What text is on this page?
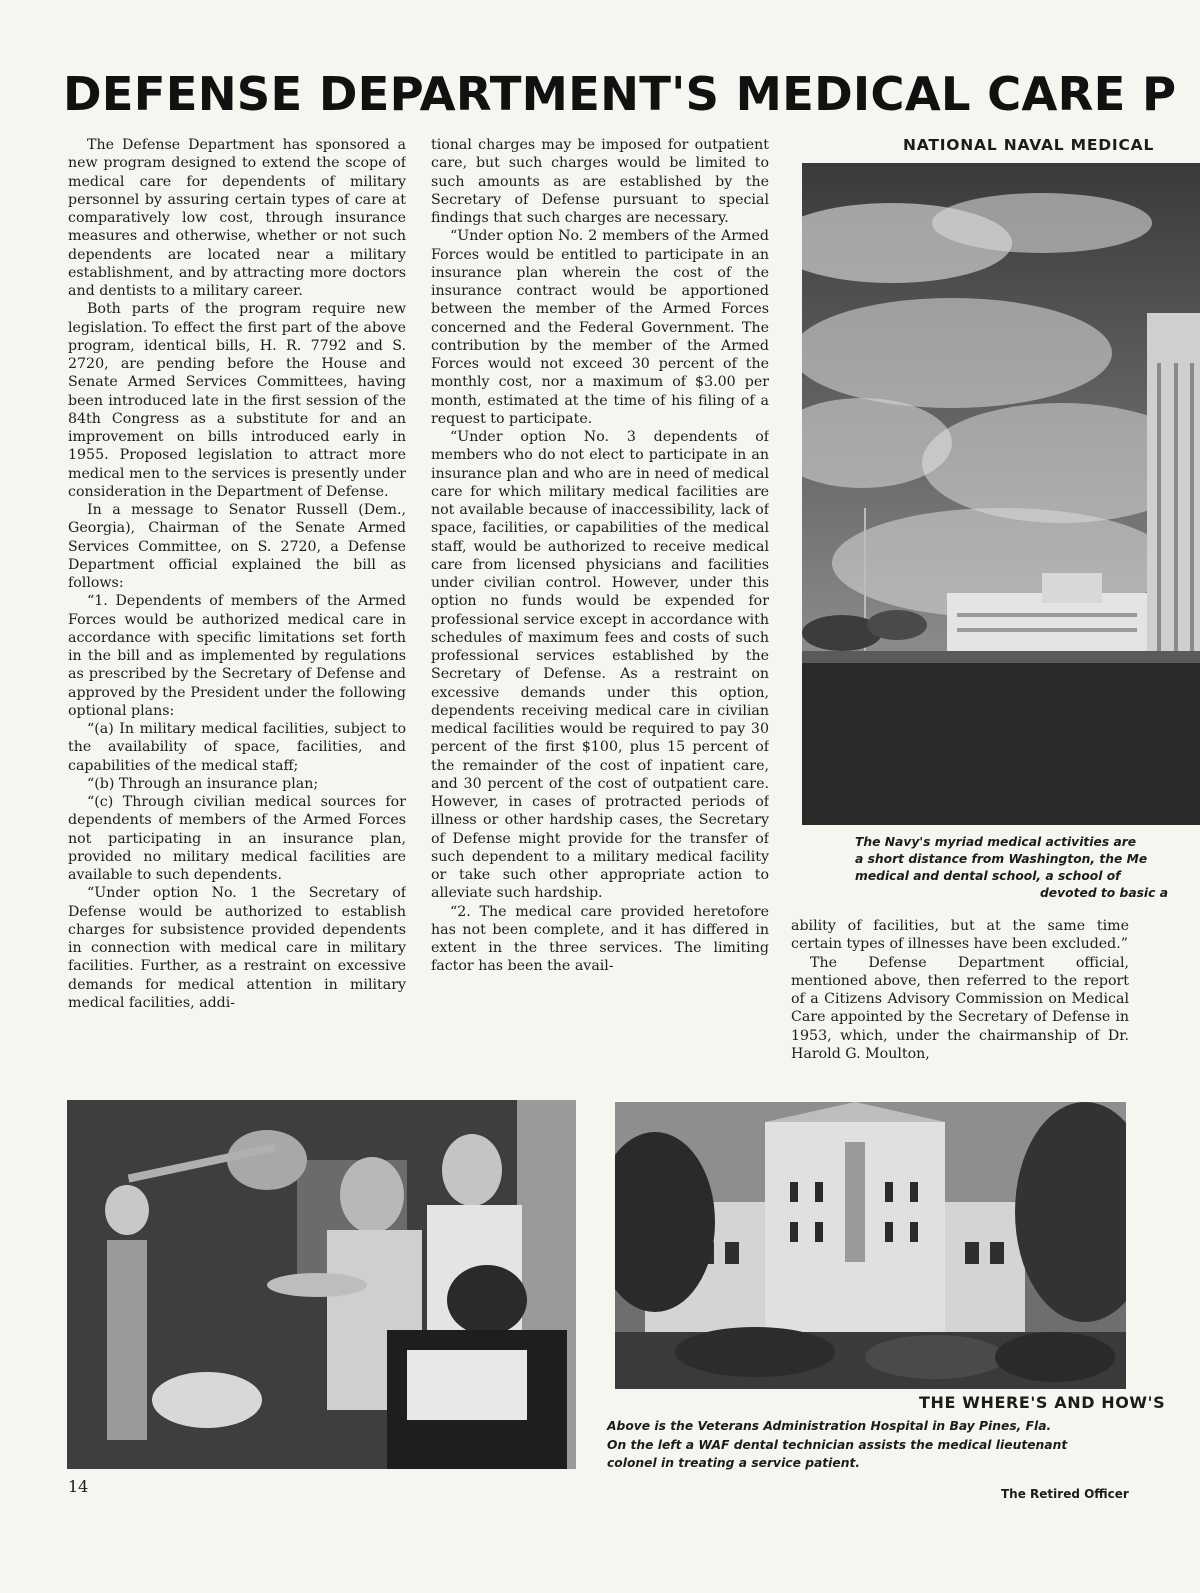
DEFENSE DEPARTMENT'S MEDICAL CARE P

The Defense Department has sponsored a new program designed to extend the scope of medical care for dependents of military personnel by assuring certain types of care at comparatively low cost, through insurance measures and otherwise, whether or not such dependents are located near a military establishment, and by attracting more doctors and dentists to a military career.

Both parts of the program require new legislation. To effect the first part of the above program, identical bills, H. R. 7792 and S. 2720, are pending before the House and Senate Armed Services Committees, having been introduced late in the first session of the 84th Congress as a substitute for and an improvement on bills introduced early in 1955. Proposed legislation to attract more medical men to the services is presently under consideration in the Department of Defense.

In a message to Senator Russell (Dem., Georgia), Chairman of the Senate Armed Services Committee, on S. 2720, a Defense Department official explained the bill as follows:

“1. Dependents of members of the Armed Forces would be authorized medical care in accordance with specific limitations set forth in the bill and as implemented by regulations as prescribed by the Secretary of Defense and approved by the President under the following optional plans:

“(a) In military medical facilities, subject to the availability of space, facilities, and capabilities of the medical staff;

“(b) Through an insurance plan;

“(c) Through civilian medical sources for dependents of members of the Armed Forces not participating in an insurance plan, provided no military medical facilities are available to such dependents.

“Under option No. 1 the Secretary of Defense would be authorized to establish charges for subsistence provided dependents in connection with medical care in military facilities. Further, as a restraint on excessive demands for medical attention in military medical facilities, addi-

tional charges may be imposed for outpatient care, but such charges would be limited to such amounts as are established by the Secretary of Defense pursuant to special findings that such charges are necessary.

“Under option No. 2 members of the Armed Forces would be entitled to participate in an insurance plan wherein the cost of the insurance contract would be apportioned between the member of the Armed Forces concerned and the Federal Government. The contribution by the member of the Armed Forces would not exceed 30 percent of the monthly cost, nor a maximum of $3.00 per month, estimated at the time of his filing of a request to participate.

“Under option No. 3 dependents of members who do not elect to participate in an insurance plan and who are in need of medical care for which military medical facilities are not available because of inaccessibility, lack of space, facilities, or capabilities of the medical staff, would be authorized to receive medical care from licensed physicians and facilities under civilian control. However, under this option no funds would be expended for professional service except in accordance with schedules of maximum fees and costs of such professional services established by the Secretary of Defense. As a restraint on excessive demands under this option, dependents receiving medical care in civilian medical facilities would be required to pay 30 percent of the first $100, plus 15 percent of the remainder of the cost of inpatient care, and 30 percent of the cost of outpatient care. However, in cases of protracted periods of illness or other hardship cases, the Secretary of Defense might provide for the transfer of such dependent to a military medical facility or take such other appropriate action to alleviate such hardship.

“2. The medical care provided heretofore has not been complete, and it has differed in extent in the three services. The limiting factor has been the avail-

ability of facilities, but at the same time certain types of illnesses have been excluded.”

The Defense Department official, mentioned above, then referred to the report of a Citizens Advisory Commission on Medical Care appointed by the Secretary of Defense in 1953, which, under the chairmanship of Dr. Harold G. Moulton,

NATIONAL NAVAL MEDICAL
The Navy's myriad medical activities are
a short distance from Washington, the Me
medical and dental school, a school of
devoted to basic a
THE WHERE'S AND HOW'S
Above is the Veterans Administration Hospital in Bay Pines, Fla.
On the left a WAF dental technician assists the medical lieutenant
colonel in treating a service patient.
14	The Retired Officer
